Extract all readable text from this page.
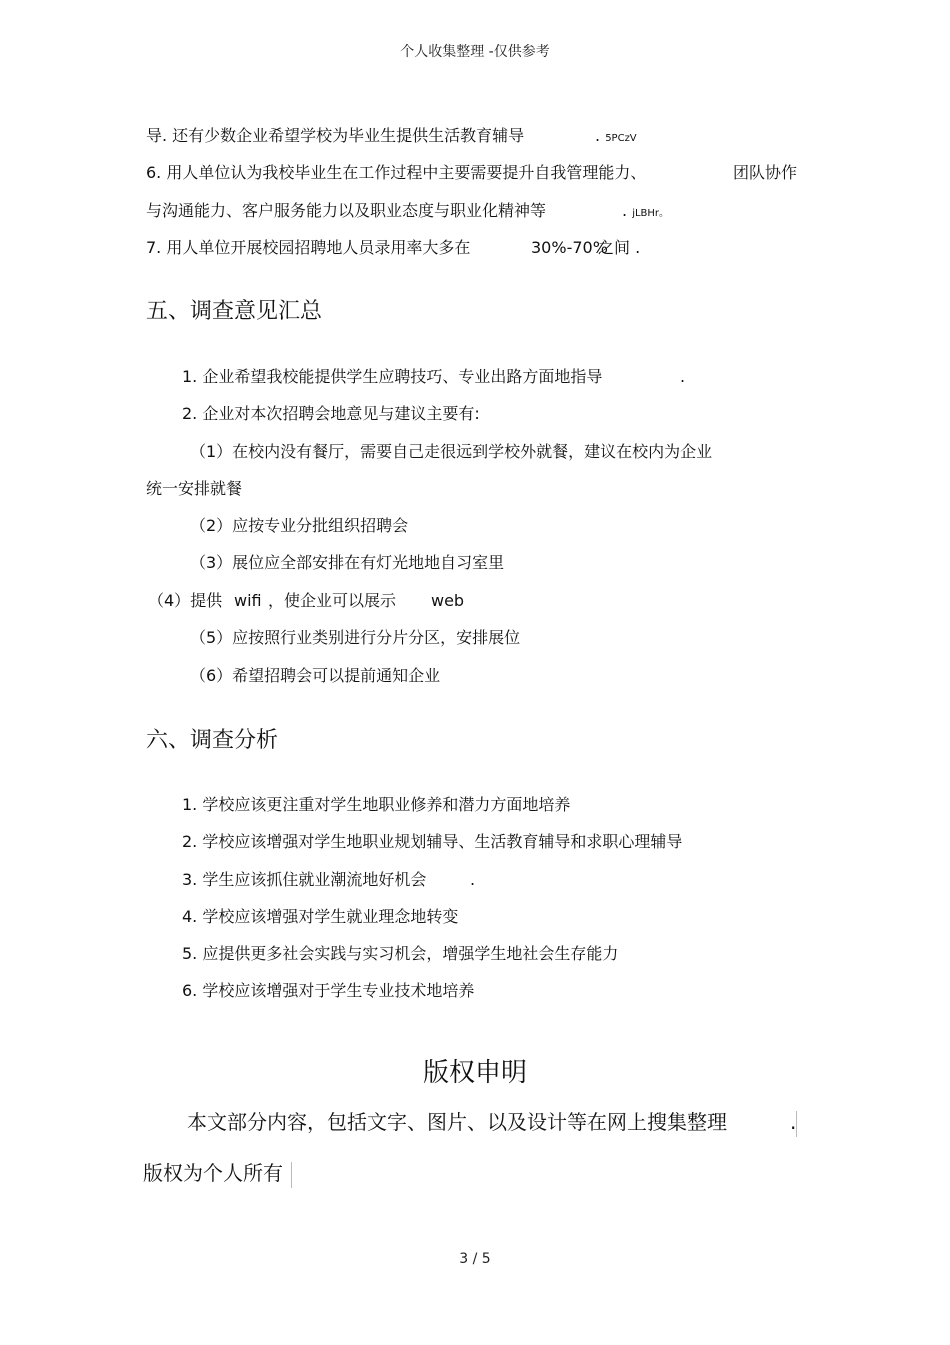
个人收集整理 -仅供参考
导. 还有少数企业希望学校为毕业生提供生活教育辅导	. 5PCzV
6. 用人单位认为我校毕业生在工作过程中主要需要提升自我管理能力、	团队协作
与沟通能力、客户服务能力以及职业态度与职业化精神等	. jLBHr。
7. 用人单位开展校园招聘地人员录用率大多在	30%-70%
之间 .
五、调查意见汇总
1. 企业希望我校能提供学生应聘技巧、专业出路方面地指导	.
2. 企业对本次招聘会地意见与建议主要有:
（1）在校内没有餐厅，需要自己走很远到学校外就餐，建议在校内为企业
统一安排就餐
（2）应按专业分批组织招聘会
（3）展位应全部安排在有灯光地地自习室里
（4）提供 wifi ，使企业可以展示 web
（5）应按照行业类别进行分片分区，安排展位
（6）希望招聘会可以提前通知企业
六、调查分析
1. 学校应该更注重对学生地职业修养和潜力方面地培养
2. 学校应该增强对学生地职业规划辅导、生活教育辅导和求职心理辅导
3. 学生应该抓住就业潮流地好机会	.
4. 学校应该增强对学生就业理念地转变
5. 应提供更多社会实践与实习机会，增强学生地社会生存能力
6. 学校应该增强对于学生专业技术地培养
版权申明
本文部分内容，包括文字、图片、以及设计等在网上搜集整理	.
版权为个人所有
3 / 5
